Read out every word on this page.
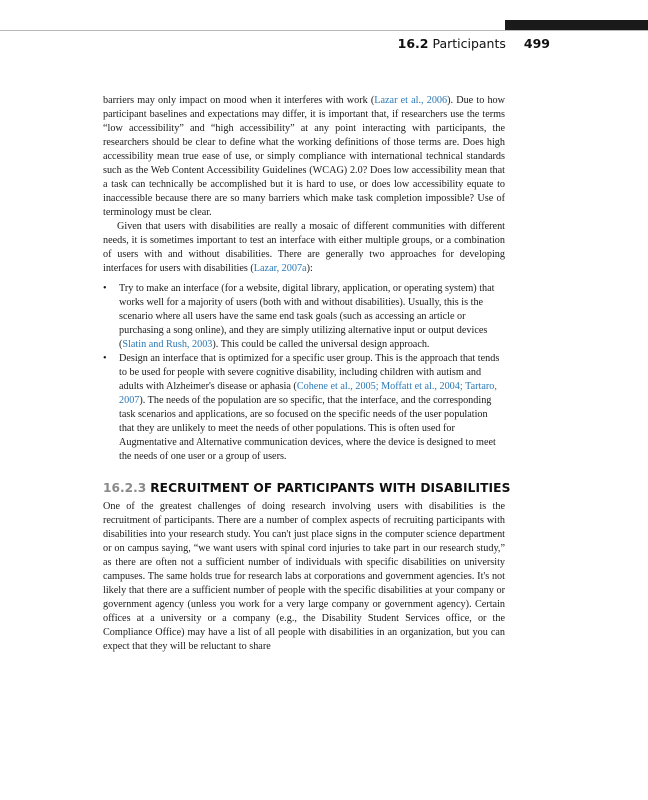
16.2 Participants 499

barriers may only impact on mood when it interferes with work (Lazar et al., 2006). Due to how participant baselines and expectations may differ, it is important that, if researchers use the terms “low accessibility” and “high accessibility” at any point interacting with participants, the researchers should be clear to define what the working definitions of those terms are. Does high accessibility mean true ease of use, or simply compliance with international technical standards such as the Web Content Accessibility Guidelines (WCAG) 2.0? Does low accessibility mean that a task can technically be accomplished but it is hard to use, or does low accessibility equate to inaccessible because there are so many barriers which make task completion impossible? Use of terminology must be clear.

Given that users with disabilities are really a mosaic of different communities with different needs, it is sometimes important to test an interface with either multiple groups, or a combination of users with and without disabilities. There are generally two approaches for developing interfaces for users with disabilities (Lazar, 2007a):

• Try to make an interface (for a website, digital library, application, or operating system) that works well for a majority of users (both with and without disabilities). Usually, this is the scenario where all users have the same end task goals (such as accessing an article or purchasing a song online), and they are simply utilizing alternative input or output devices (Slatin and Rush, 2003). This could be called the universal design approach.
• Design an interface that is optimized for a specific user group. This is the approach that tends to be used for people with severe cognitive disability, including children with autism and adults with Alzheimer's disease or aphasia (Cohene et al., 2005; Moffatt et al., 2004; Tartaro, 2007). The needs of the population are so specific, that the interface, and the corresponding task scenarios and applications, are so focused on the specific needs of the user population that they are unlikely to meet the needs of other populations. This is often used for Augmentative and Alternative communication devices, where the device is designed to meet the needs of one user or a group of users.
16.2.3 RECRUITMENT OF PARTICIPANTS WITH DISABILITIES

One of the greatest challenges of doing research involving users with disabilities is the recruitment of participants. There are a number of complex aspects of recruiting participants with disabilities into your research study. You can't just place signs in the computer science department or on campus saying, “we want users with spinal cord injuries to take part in our research study,” as there are often not a sufficient number of individuals with specific disabilities on university campuses. The same holds true for research labs at corporations and government agencies. It's not likely that there are a sufficient number of people with the specific disabilities at your company or government agency (unless you work for a very large company or government agency). Certain offices at a university or a company (e.g., the Disability Student Services office, or the Compliance Office) may have a list of all people with disabilities in an organization, but you can expect that they will be reluctant to share
